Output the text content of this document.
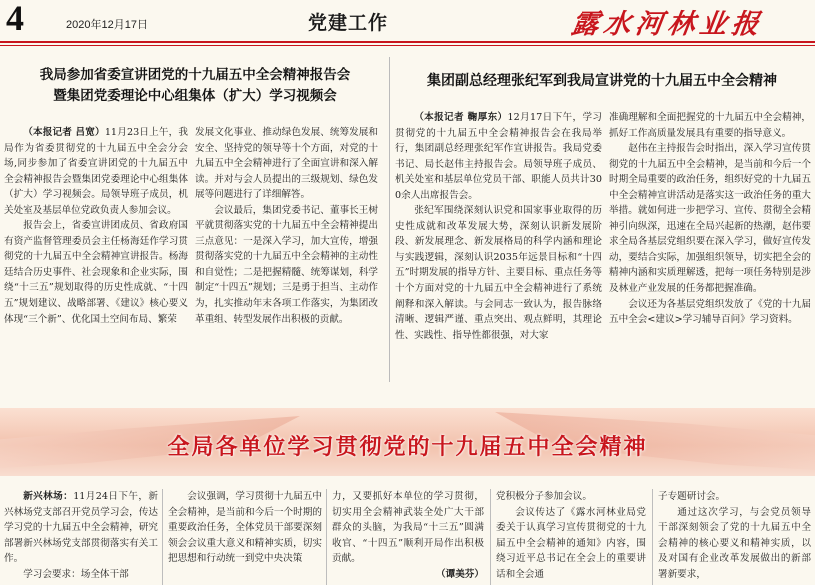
4	2020年12月17日	党建工作	露水河林业报
我局参加省委宣讲团党的十九届五中全会精神报告会
暨集团党委理论中心组集体（扩大）学习视频会
（本报记者 吕宽）11月23日上午，我局作为省委贯彻党的十九届五中全会分会场,同步参加了省委宣讲团党的十九届五中全会精神报告会暨集团党委理论中心组集体（扩大）学习视频会。局领导班子成员，机关处室及基层单位党政负责人参加会议。
报告会上，省委宣讲团成员、省政府国有资产监督管理委员会主任杨海廷作学习贯彻党的十九届五中全会精神宣讲报告。杨海廷结合历史事件、社会现象和企业实际，围绕“十三五”规划取得的历史性成就、“十四五”规划建议、战略部署、《建议》核心要义体现“三个新”、优化国土空间布局、繁荣
发展文化事业、推动绿色发展、统筹发展和安全、坚持党的领导等十个方面，对党的十九届五中全会精神进行了全面宣讲和深入解读。并对与会人员提出的三级规划、绿色发展等问题进行了详细解答。
会议最后，集团党委书记、董事长王树平就贯彻落实党的十九届五中全会精神提出三点意见：一是深入学习，加大宣传，增强贯彻落实党的十九届五中全会精神的主动性和自觉性；二是把握精髓、统筹谋划，科学制定“十四五”规划；三是勇于担当、主动作为，扎实推动年末各项工作落实，为集团改革重组、转型发展作出积极的贡献。
集团副总经理张纪军到我局宣讲党的十九届五中全会精神
（本报记者 鞠厚东）12月17日下午，学习贯彻党的十九届五中全会精神报告会在我局举行，集团副总经理张纪军作宣讲报告。我局党委书记、局长赵伟主持报告会。局领导班子成员、机关处室和基层单位党员干部、职能人员共计300余人出席报告会。
张纪军围绕深刻认识党和国家事业取得的历史性成就和改革发展大势，深刻认识新发展阶段、新发展理念、新发展格局的科学内涵和理论与实践逻辑，深刻认识2035年远景目标和“十四五”时期发展的指导方针、主要目标、重点任务等十个方面对党的十九届五中全会精神进行了系统阐释和深入解读。与会同志一致认为，报告脉络清晰、逻辑严谨、重点突出、观点鲜明，其理论性、实践性、指导性都很强，对大家
准确理解和全面把握党的十九届五中全会精神，抓好工作高质量发展具有重要的指导意义。
赵伟在主持报告会时指出，深入学习宣传贯彻党的十九届五中全会精神，是当前和今后一个时期全局重要的政治任务，组织好党的十九届五中全会精神宣讲活动是落实这一政治任务的重大举措。就如何进一步把学习、宣传、贯彻全会精神引向纵深，迅速在全局兴起新的热潮，赵伟要求全局各基层党组织要在深入学习，做好宣传发动，要结合实际，加强组织领导，切实把全会的精神内涵和实质理解透，把每一项任务特别是涉及林业产业发展的任务都把握准确。
会议还为各基层党组织发放了《党的十九届五中全会<建议>学习辅导百问》学习资料。
全局各单位学习贯彻党的十九届五中全会精神
新兴林场：11月24日下午，新兴林场党支部召开党员学习会，传达学习党的十九届五中全会精神，研究部署新兴林场党支部贯彻落实有关工作。
学习会要求：场全体干部
会议强调，学习贯彻十九届五中全会精神，是当前和今后一个时期的重要政治任务，全体党员干部要深刻领会会议重大意义和精神实质，切实把思想和行动统一到党中央决策
力，又要抓好本单位的学习贯彻，切实用全会精神武装全处广大干部群众的头脑，为我局“十三五”圆满收官、“十四五”顺利开局作出积极贡献。
（谭美芬）
党积极分子参加会议。
会议传达了《露水河林业局党委关于认真学习宣传贯彻党的十九届五中全会精神的通知》内容，围绕习近平总书记在全会上的重要讲话和全会通
子专题研讨会。
通过这次学习，与会党员领导干部深刻领会了党的十九届五中全会精神的核心要义和精神实质，以及对国有企业改革发展做出的新部署新要求，
